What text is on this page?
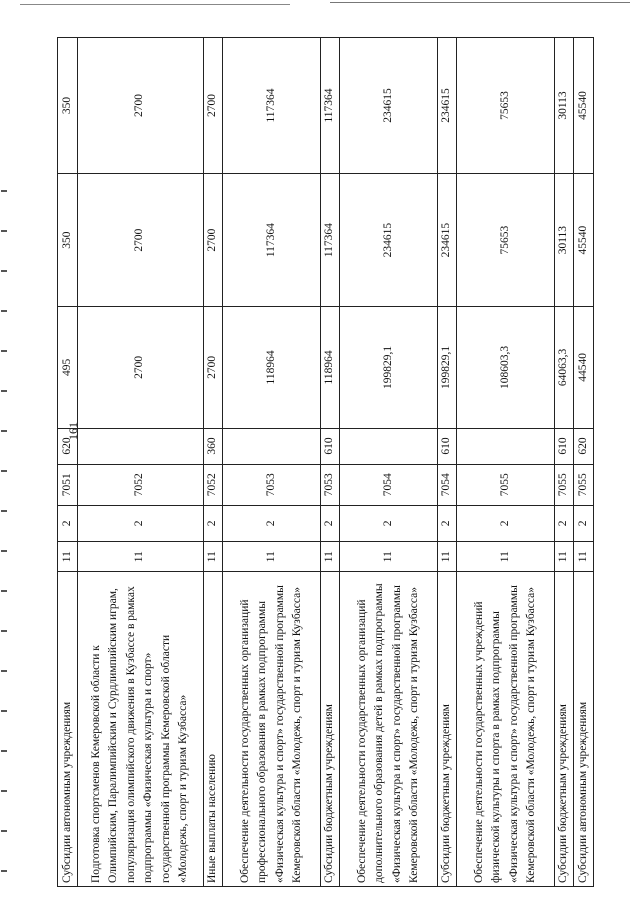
161
Субсидии автономным учреждениям	11	2	7051	620	495	350	350
Подготовка спортсменов Кемеровской области к Олимпийским, Паралимпийским и Сурдлимпийским играм, популяризация олимпийского движения в Кузбассе в рамках подпрограммы «Физическая культура и спорт» государственной программы Кемеровской области «Молодежь, спорт и туризм Кузбасса»	11	2	7052		2700	2700	2700
Иные выплаты населению	11	2	7052	360	2700	2700	2700
Обеспечение деятельности государственных организаций профессионального образования в рамках подпрограммы «Физическая культура и спорт» государственной программы Кемеровской области «Молодежь, спорт и туризм Кузбасса»	11	2	7053		118964	117364	117364
Субсидии бюджетным учреждениям	11	2	7053	610	118964	117364	117364
Обеспечение деятельности государственных организаций дополнительного образования детей в рамках подпрограммы «Физическая культура и спорт» государственной программы Кемеровской области «Молодежь, спорт и туризм Кузбасса»	11	2	7054		199829,1	234615	234615
Субсидии бюджетным учреждениям	11	2	7054	610	199829,1	234615	234615
Обеспечение деятельности государственных учреждений физической культуры и спорта в рамках подпрограммы «Физическая культура и спорт» государственной программы Кемеровской области «Молодежь, спорт и туризм Кузбасса»	11	2	7055		108603,3	75653	75653
Субсидии бюджетным учреждениям	11	2	7055	610	64063,3	30113	30113
Субсидии автономным учреждениям	11	2	7055	620	44540	45540	45540
